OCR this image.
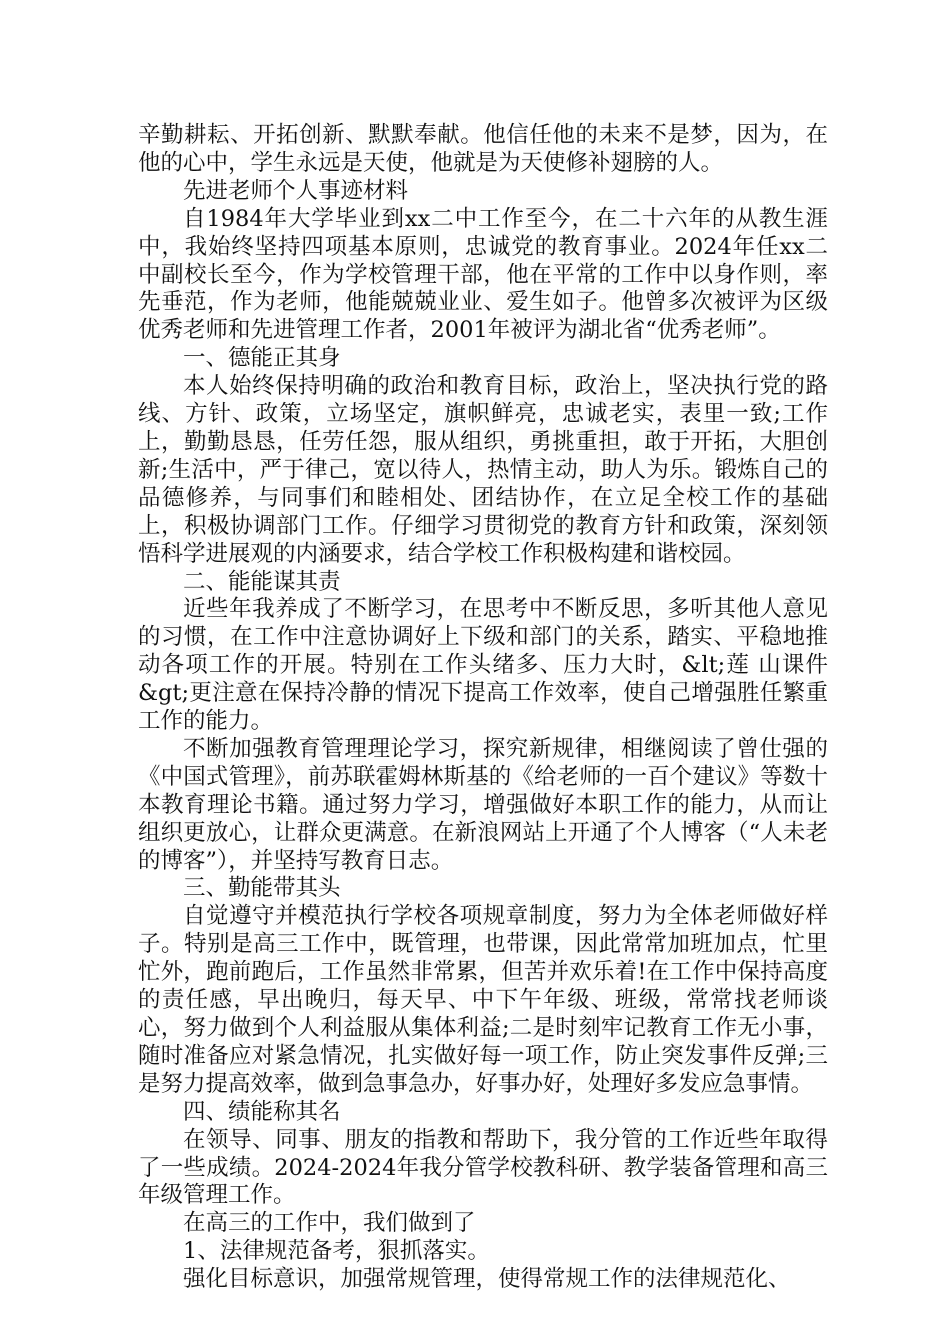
辛勤耕耘、开拓创新、默默奉献。他信任他的未来不是梦，因为，在他的心中，学生永远是天使，他就是为天使修补翅膀的人。

先进老师个人事迹材料

自1984年大学毕业到xx二中工作至今，在二十六年的从教生涯中，我始终坚持四项基本原则，忠诚党的教育事业。2024年任xx二中副校长至今，作为学校管理干部，他在平常的工作中以身作则，率先垂范，作为老师，他能兢兢业业、爱生如子。他曾多次被评为区级优秀老师和先进管理工作者，2001年被评为湖北省“优秀老师”。

一、德能正其身

本人始终保持明确的政治和教育目标，政治上，坚决执行党的路线、方针、政策，立场坚定，旗帜鲜亮，忠诚老实，表里一致;工作上，勤勤恳恳，任劳任怨，服从组织，勇挑重担，敢于开拓，大胆创新;生活中，严于律己，宽以待人，热情主动，助人为乐。锻炼自己的品德修养，与同事们和睦相处、团结协作，在立足全校工作的基础上，积极协调部门工作。仔细学习贯彻党的教育方针和政策，深刻领悟科学进展观的内涵要求，结合学校工作积极构建和谐校园。

二、能能谋其责

近些年我养成了不断学习，在思考中不断反思，多听其他人意见的习惯，在工作中注意协调好上下级和部门的关系，踏实、平稳地推动各项工作的开展。特别在工作头绪多、压力大时，&lt;莲 山课件&gt;更注意在保持冷静的情况下提高工作效率，使自己增强胜任繁重工作的能力。

不断加强教育管理理论学习，探究新规律，相继阅读了曾仕强的《中国式管理》，前苏联霍姆林斯基的《给老师的一百个建议》等数十本教育理论书籍。通过努力学习，增强做好本职工作的能力，从而让组织更放心，让群众更满意。在新浪网站上开通了个人博客（“人未老的博客”），并坚持写教育日志。

三、勤能带其头

自觉遵守并模范执行学校各项规章制度，努力为全体老师做好样子。特别是高三工作中，既管理，也带课，因此常常加班加点，忙里忙外，跑前跑后，工作虽然非常累，但苦并欢乐着!在工作中保持高度的责任感，早出晚归，每天早、中下午年级、班级，常常找老师谈心，努力做到个人利益服从集体利益;二是时刻牢记教育工作无小事，随时准备应对紧急情况，扎实做好每一项工作，防止突发事件反弹;三是努力提高效率，做到急事急办，好事办好，处理好多发应急事情。

四、绩能称其名

在领导、同事、朋友的指教和帮助下，我分管的工作近些年取得了一些成绩。2024-2024年我分管学校教科研、教学装备管理和高三年级管理工作。

在高三的工作中，我们做到了

1、法律规范备考，狠抓落实。

强化目标意识，加强常规管理，使得常规工作的法律规范化、
